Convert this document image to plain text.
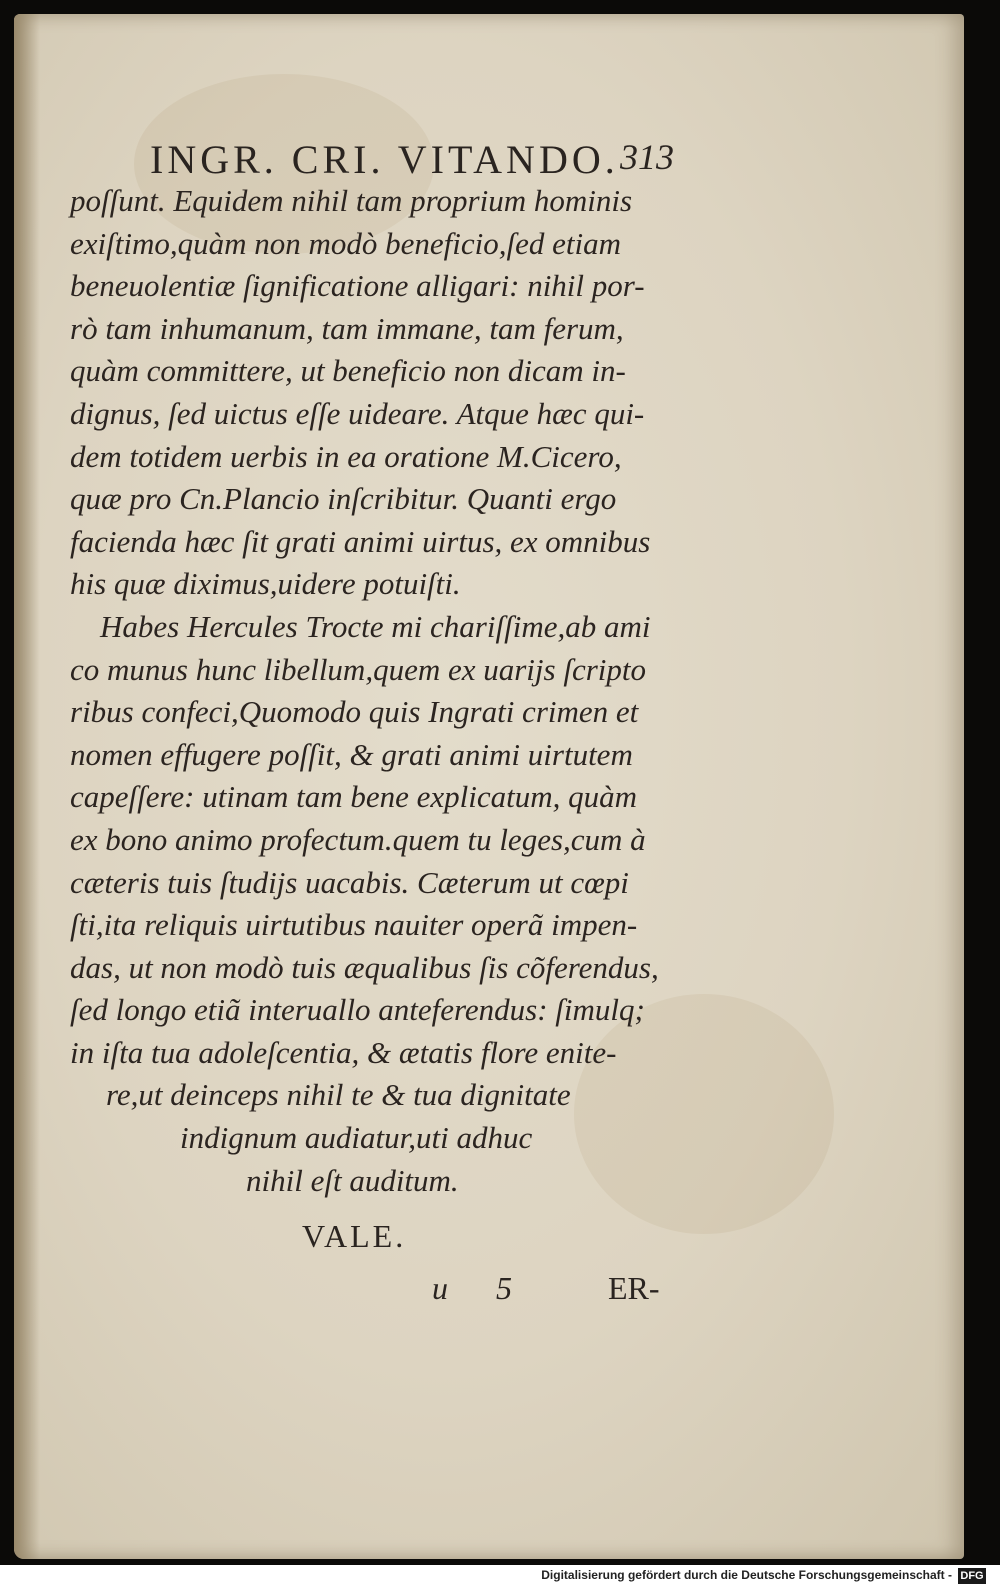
INGR. CRI. VITANDO. 313
poſſunt. Equidem nihil tam proprium hominis
exiſtimo,quàm non modò beneficio,ſed etiam
beneuolentiæ ſignificatione alligari: nihil por-
rò tam inhumanum, tam immane, tam ferum,
quàm committere, ut beneficio non dicam in-
dignus, ſed uictus eſſe uideare. Atque hæc qui-
dem totidem uerbis in ea oratione M.Cicero,
quæ pro Cn.Plancio inſcribitur. Quanti ergo
facienda hæc ſit grati animi uirtus, ex omnibus
his quæ diximus,uidere potuiſti.
Habes Hercules Trocte mi chariſſime,ab ami
co munus hunc libellum,quem ex uarijs ſcripto
ribus confeci,Quomodo quis Ingrati crimen et
nomen effugere poſſit, & grati animi uirtutem
capeſſere: utinam tam bene explicatum, quàm
ex bono animo profectum.quem tu leges,cum à
cæteris tuis ſtudijs uacabis. Cæterum ut cœpi
ſti,ita reliquis uirtutibus nauiter operã impen-
das, ut non modò tuis æqualibus ſis cõferendus,
ſed longo etiã interuallo anteferendus: ſimulq;
in iſta tua adoleſcentia, & ætatis flore enite-
re,ut deinceps nihil te & tua dignitate
indignum audiatur,uti adhuc
nihil eſt auditum.
VALE.
u 5	ER-
Digitalisierung gefördert durch die Deutsche Forschungsgemeinschaft - DFG
